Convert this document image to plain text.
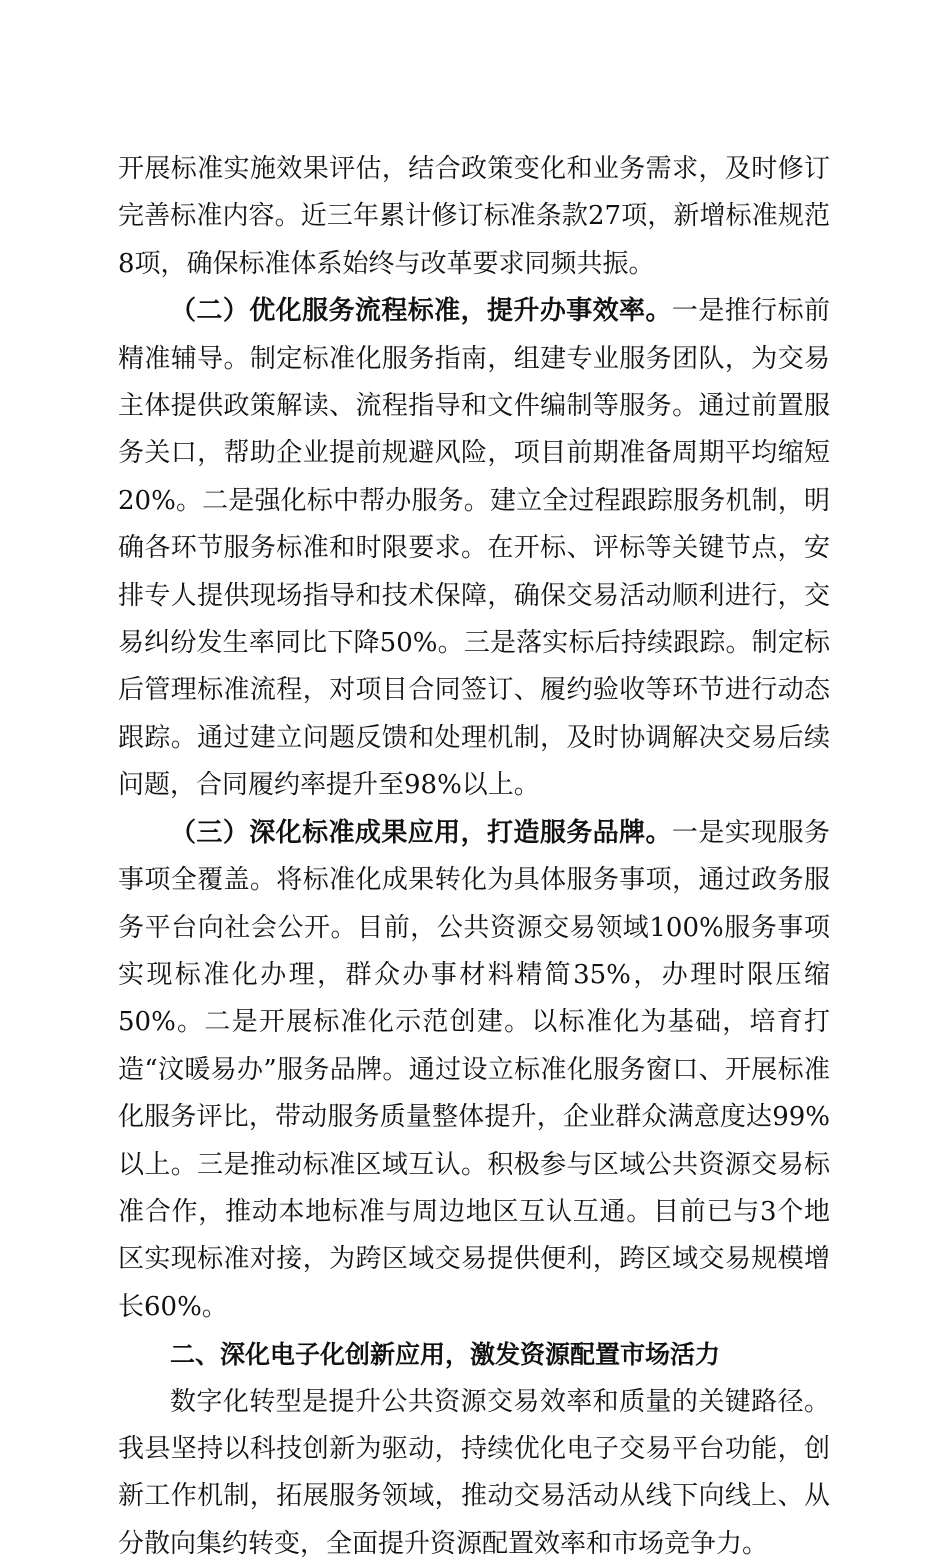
开展标准实施效果评估，结合政策变化和业务需求，及时修订完善标准内容。近三年累计修订标准条款27项，新增标准规范8项，确保标准体系始终与改革要求同频共振。

（二）优化服务流程标准，提升办事效率。一是推行标前精准辅导。制定标准化服务指南，组建专业服务团队，为交易主体提供政策解读、流程指导和文件编制等服务。通过前置服务关口，帮助企业提前规避风险，项目前期准备周期平均缩短20%。二是强化标中帮办服务。建立全过程跟踪服务机制，明确各环节服务标准和时限要求。在开标、评标等关键节点，安排专人提供现场指导和技术保障，确保交易活动顺利进行，交易纠纷发生率同比下降50%。三是落实标后持续跟踪。制定标后管理标准流程，对项目合同签订、履约验收等环节进行动态跟踪。通过建立问题反馈和处理机制，及时协调解决交易后续问题，合同履约率提升至98%以上。

（三）深化标准成果应用，打造服务品牌。一是实现服务事项全覆盖。将标准化成果转化为具体服务事项，通过政务服务平台向社会公开。目前，公共资源交易领域100%服务事项实现标准化办理，群众办事材料精简35%，办理时限压缩50%。二是开展标准化示范创建。以标准化为基础，培育打造“汶暖易办”服务品牌。通过设立标准化服务窗口、开展标准化服务评比，带动服务质量整体提升，企业群众满意度达99%以上。三是推动标准区域互认。积极参与区域公共资源交易标准合作，推动本地标准与周边地区互认互通。目前已与3个地区实现标准对接，为跨区域交易提供便利，跨区域交易规模增长60%。

二、深化电子化创新应用，激发资源配置市场活力

数字化转型是提升公共资源交易效率和质量的关键路径。我县坚持以科技创新为驱动，持续优化电子交易平台功能，创新工作机制，拓展服务领域，推动交易活动从线下向线上、从分散向集约转变，全面提升资源配置效率和市场竞争力。
